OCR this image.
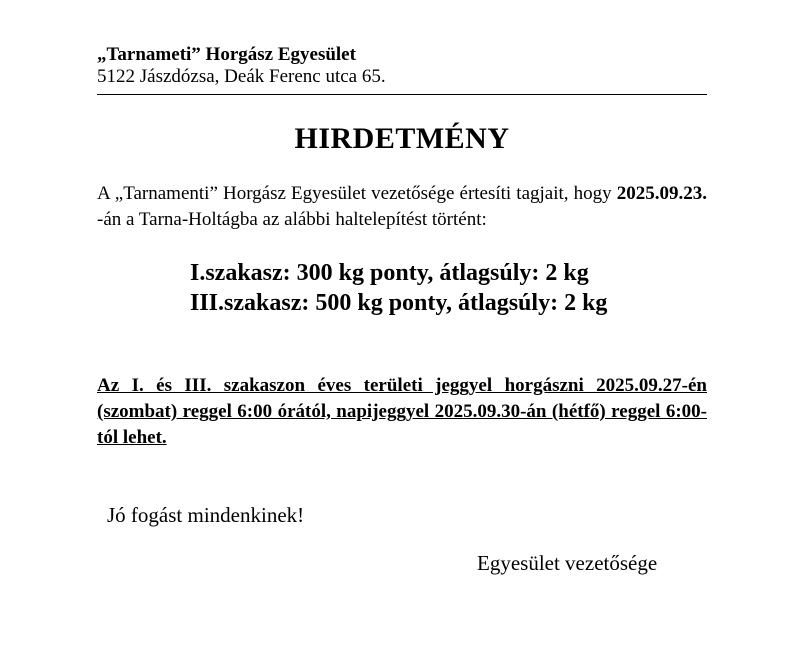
„Tarnameti” Horgász Egyesület
5122 Jászdózsa, Deák Ferenc utca 65.
HIRDETMÉNY
A „Tarnamenti” Horgász Egyesület vezetősége értesíti tagjait, hogy 2025.09.23. -án a Tarna-Holtágba az alábbi haltelepítést történt:
I.szakasz: 300 kg ponty, átlagsúly: 2 kg
III.szakasz: 500 kg ponty, átlagsúly: 2 kg
Az I. és III. szakaszon éves területi jeggyel horgászni 2025.09.27-én (szombat) reggel 6:00 órától, napijeggyel 2025.09.30-án (hétfő) reggel 6:00-tól lehet.
Jó fogást mindenkinek!
Egyesület vezetősége
